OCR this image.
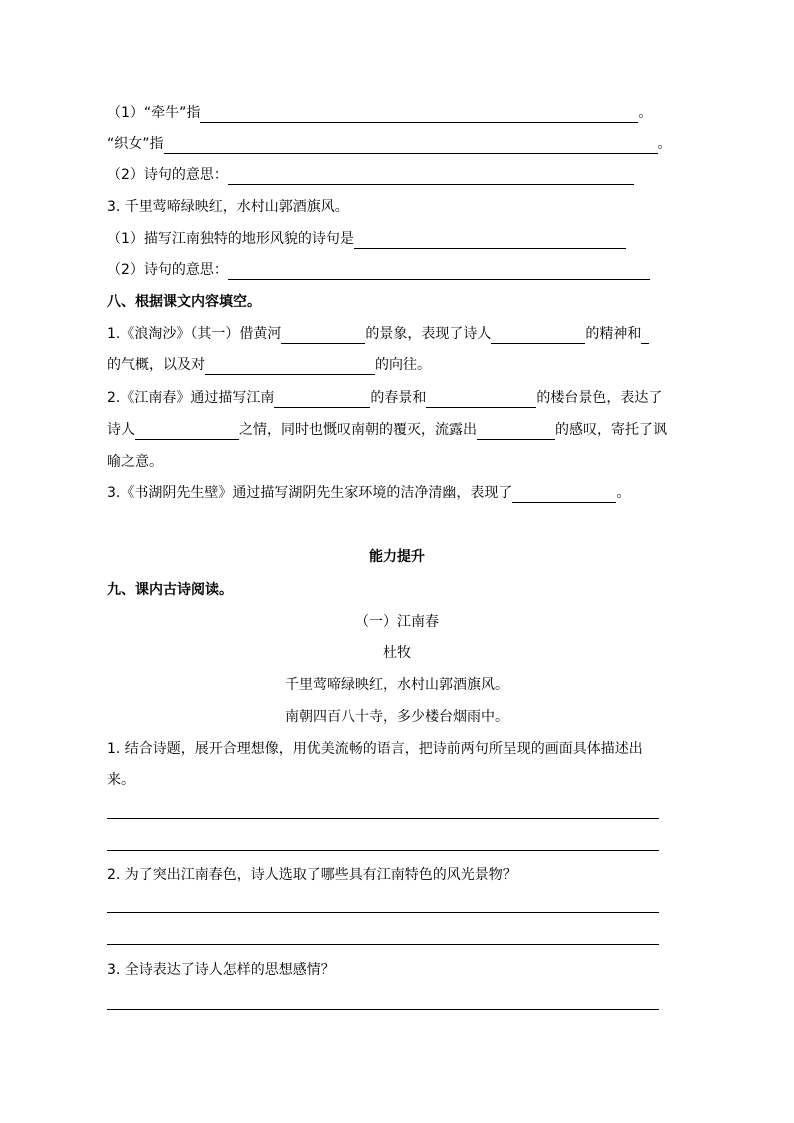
（1）“牵牛”指	。
“织女”指	。
（2）诗句的意思：
3. 千里莺啼绿映红，水村山郭酒旗风。
（1）描写江南独特的地形风貌的诗句是
（2）诗句的意思：
八、根据课文内容填空。
1.《浪淘沙》（其一）借黄河	的景象，表现了诗人	的精神和
的气概，以及对	的向往。
2.《江南春》通过描写江南	的春景和	的楼台景色，表达了
诗人	之情，同时也慨叹南朝的覆灭，流露出	的感叹，寄托了讽
喻之意。
3.《书湖阴先生壁》通过描写湖阴先生家环境的洁净清幽，表现了	。
能力提升
九、课内古诗阅读。
（一）江南春
杜牧
千里莺啼绿映红，水村山郭酒旗风。
南朝四百八十寺，多少楼台烟雨中。
1. 结合诗题，展开合理想像，用优美流畅的语言，把诗前两句所呈现的画面具体描述出
来。
2. 为了突出江南春色，诗人选取了哪些具有江南特色的风光景物？
3. 全诗表达了诗人怎样的思想感情？
